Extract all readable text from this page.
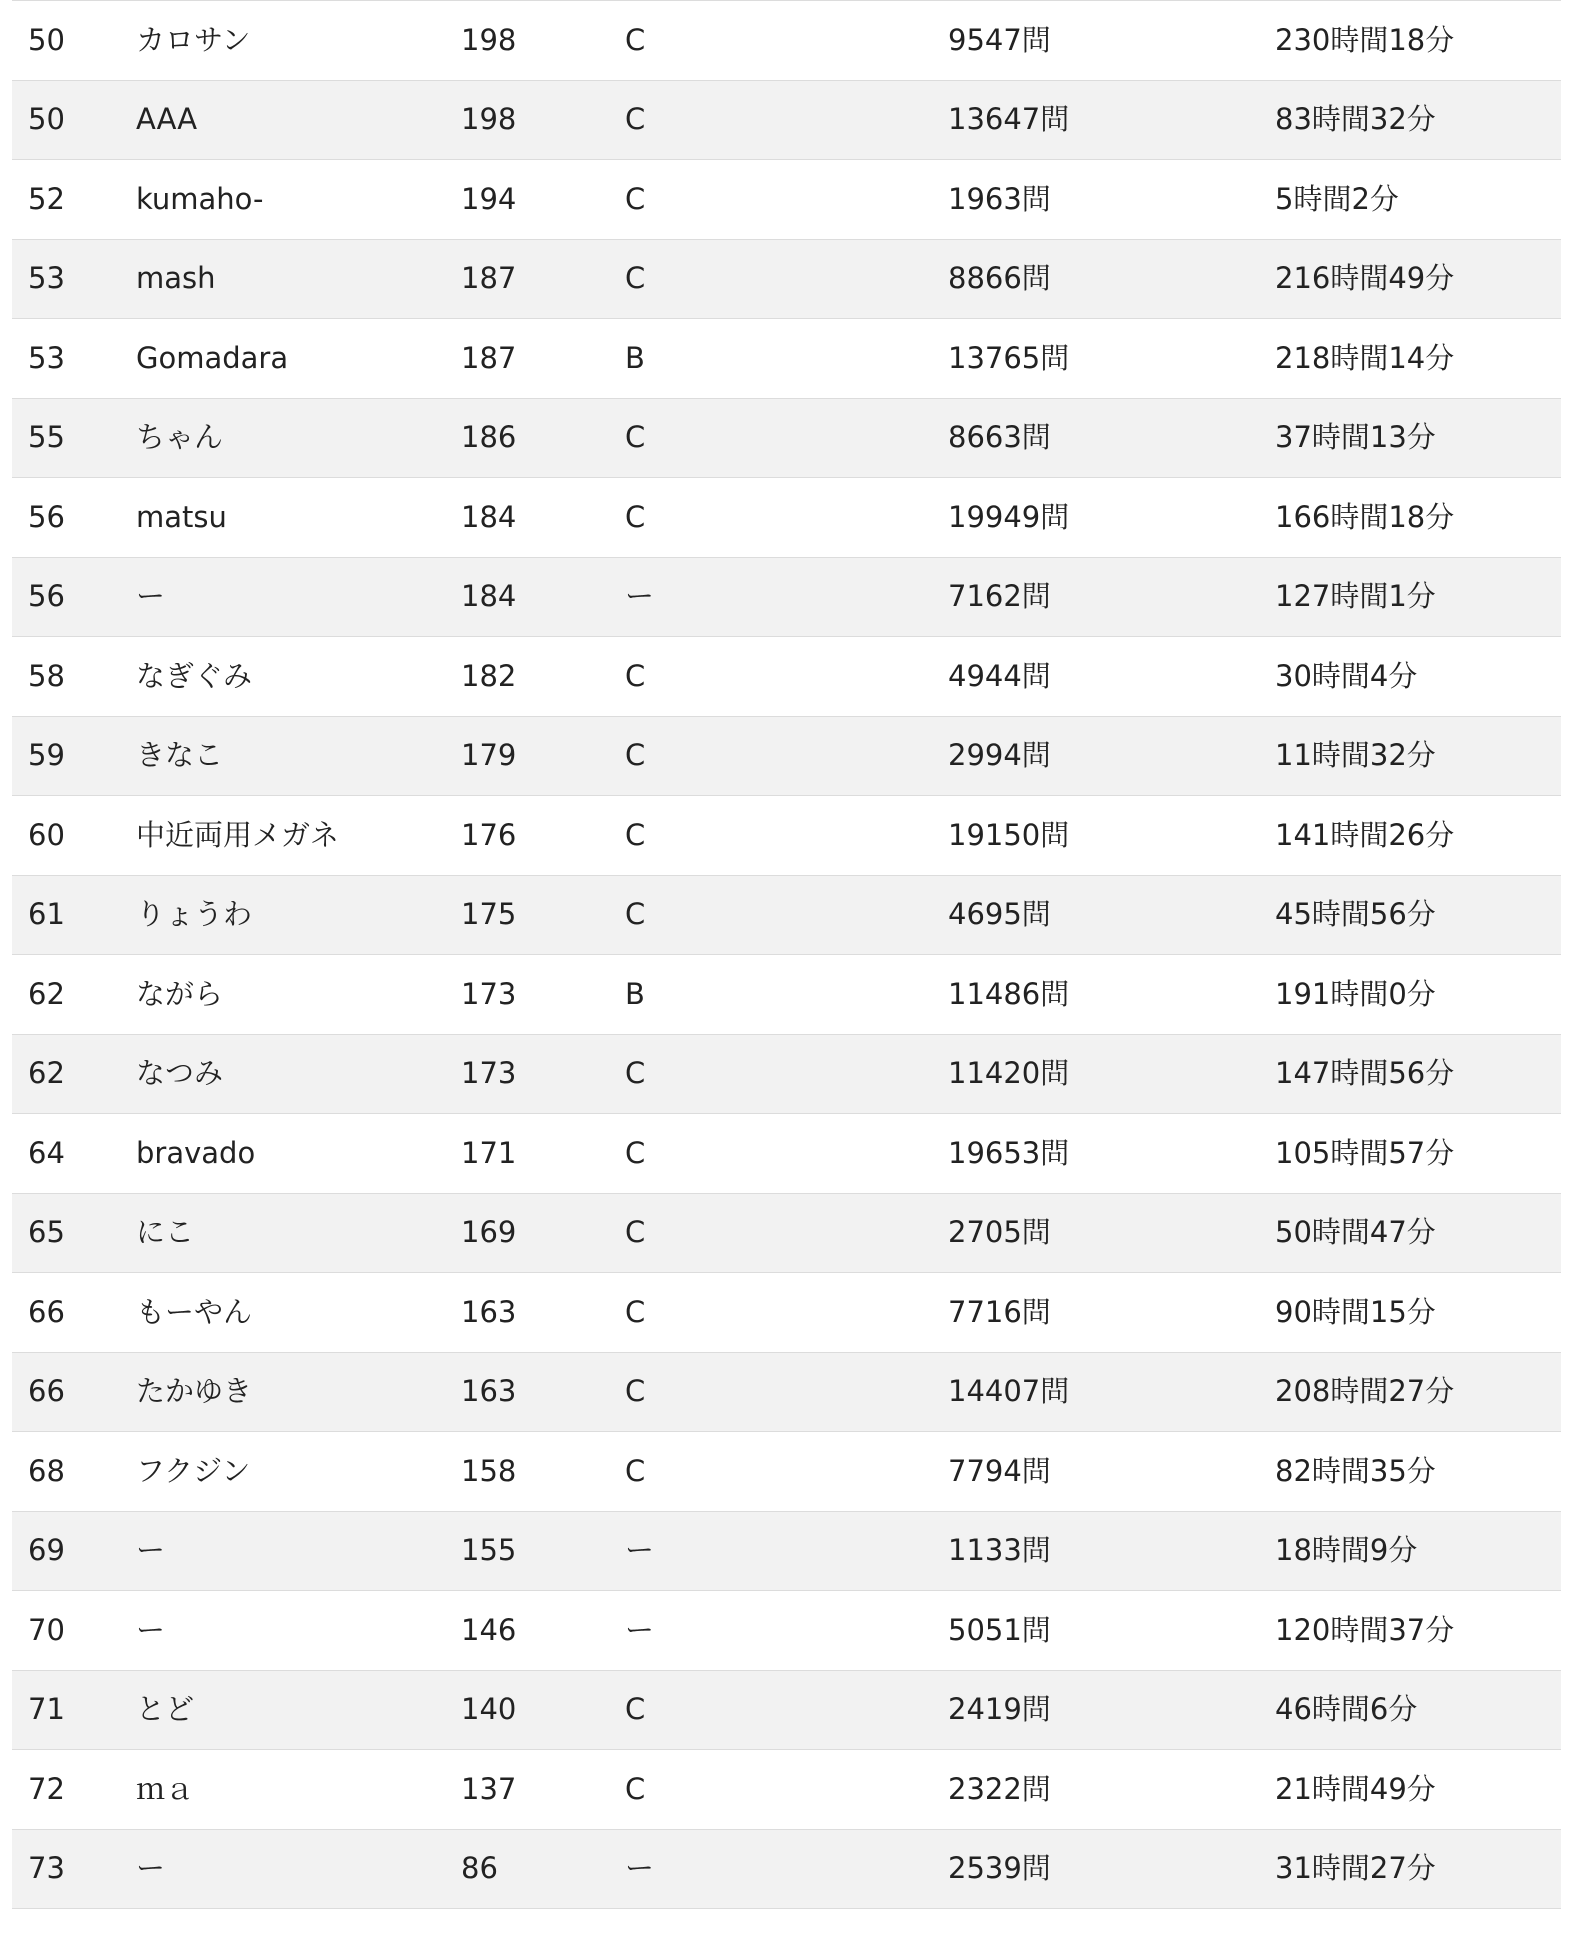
50	カロサン	198	C	9547問	230時間18分
50	AAA	198	C	13647問	83時間32分
52	kumaho-	194	C	1963問	5時間2分
53	mash	187	C	8866問	216時間49分
53	Gomadara	187	B	13765問	218時間14分
55	ちゃん	186	C	8663問	37時間13分
56	matsu	184	C	19949問	166時間18分
56	ー	184	ー	7162問	127時間1分
58	なぎぐみ	182	C	4944問	30時間4分
59	きなこ	179	C	2994問	11時間32分
60	中近両用メガネ	176	C	19150問	141時間26分
61	りょうわ	175	C	4695問	45時間56分
62	ながら	173	B	11486問	191時間0分
62	なつみ	173	C	11420問	147時間56分
64	bravado	171	C	19653問	105時間57分
65	にこ	169	C	2705問	50時間47分
66	もーやん	163	C	7716問	90時間15分
66	たかゆき	163	C	14407問	208時間27分
68	フクジン	158	C	7794問	82時間35分
69	ー	155	ー	1133問	18時間9分
70	ー	146	ー	5051問	120時間37分
71	とど	140	C	2419問	46時間6分
72	ｍａ	137	C	2322問	21時間49分
73	ー	86	ー	2539問	31時間27分
